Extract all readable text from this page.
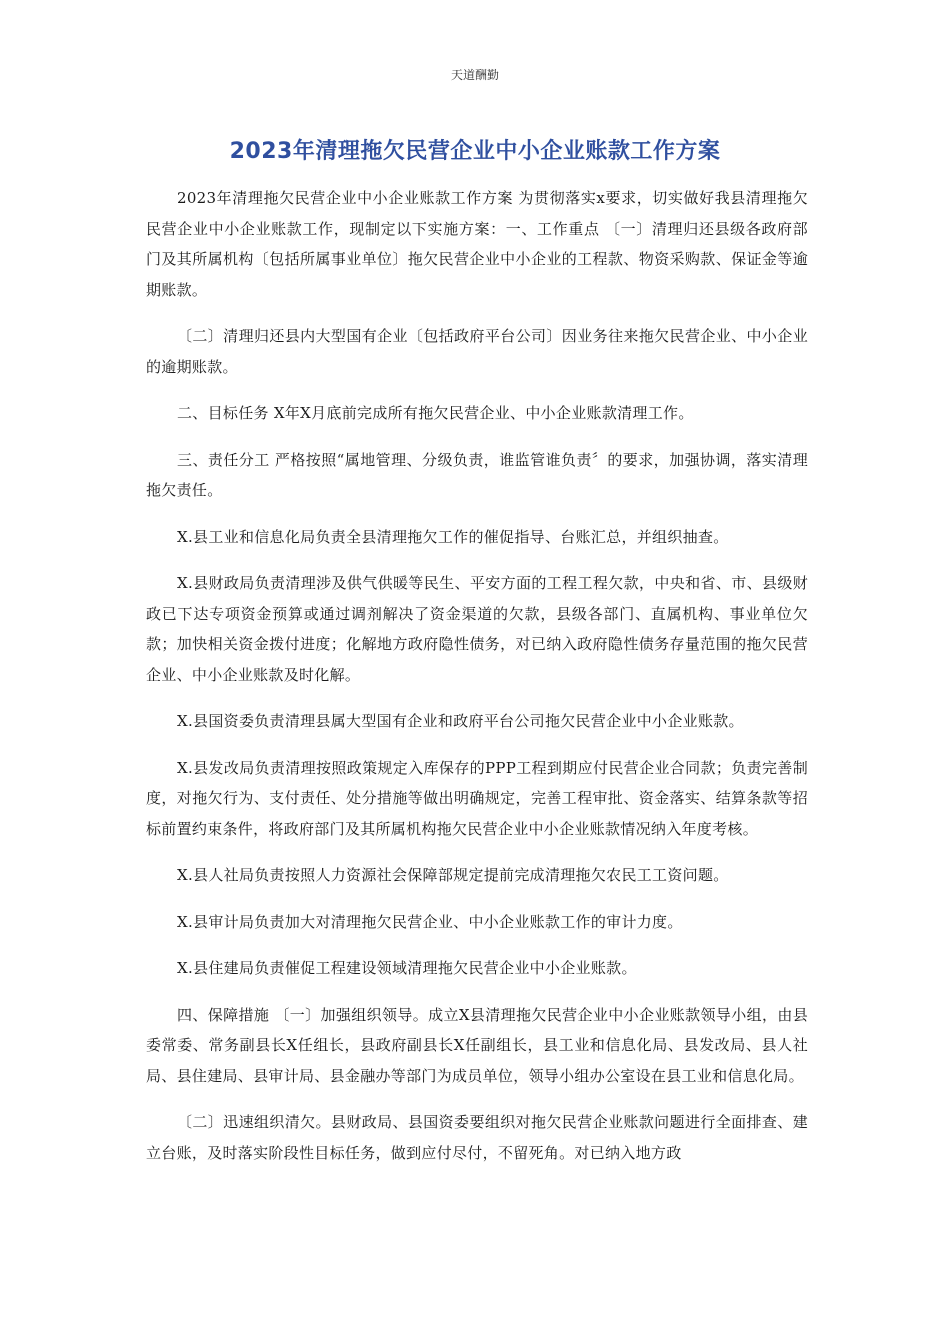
天道酬勤
2023年清理拖欠民营企业中小企业账款工作方案

2023年清理拖欠民营企业中小企业账款工作方案 为贯彻落实x要求，切实做好我县清理拖欠民营企业中小企业账款工作，现制定以下实施方案：一、工作重点 〔一〕清理归还县级各政府部门及其所属机构〔包括所属事业单位〕拖欠民营企业中小企业的工程款、物资采购款、保证金等逾期账款。

〔二〕清理归还县内大型国有企业〔包括政府平台公司〕因业务往来拖欠民营企业、中小企业的逾期账款。

二、目标任务 X年X月底前完成所有拖欠民营企业、中小企业账款清理工作。

三、责任分工 严格按照“属地管理、分级负责，谁监管谁负责〞的要求，加强协调，落实清理拖欠责任。

X.县工业和信息化局负责全县清理拖欠工作的催促指导、台账汇总，并组织抽查。

X.县财政局负责清理涉及供气供暖等民生、平安方面的工程工程欠款，中央和省、市、县级财政已下达专项资金预算或通过调剂解决了资金渠道的欠款，县级各部门、直属机构、事业单位欠款；加快相关资金拨付进度；化解地方政府隐性债务，对已纳入政府隐性债务存量范围的拖欠民营企业、中小企业账款及时化解。

X.县国资委负责清理县属大型国有企业和政府平台公司拖欠民营企业中小企业账款。

X.县发改局负责清理按照政策规定入库保存的PPP工程到期应付民营企业合同款；负责完善制度，对拖欠行为、支付责任、处分措施等做出明确规定，完善工程审批、资金落实、结算条款等招标前置约束条件，将政府部门及其所属机构拖欠民营企业中小企业账款情况纳入年度考核。

X.县人社局负责按照人力资源社会保障部规定提前完成清理拖欠农民工工资问题。

X.县审计局负责加大对清理拖欠民营企业、中小企业账款工作的审计力度。

X.县住建局负责催促工程建设领域清理拖欠民营企业中小企业账款。

四、保障措施 〔一〕加强组织领导。成立X县清理拖欠民营企业中小企业账款领导小组，由县委常委、常务副县长X任组长，县政府副县长X任副组长，县工业和信息化局、县发改局、县人社局、县住建局、县审计局、县金融办等部门为成员单位，领导小组办公室设在县工业和信息化局。

〔二〕迅速组织清欠。县财政局、县国资委要组织对拖欠民营企业账款问题进行全面排查、建立台账，及时落实阶段性目标任务，做到应付尽付，不留死角。对已纳入地方政
